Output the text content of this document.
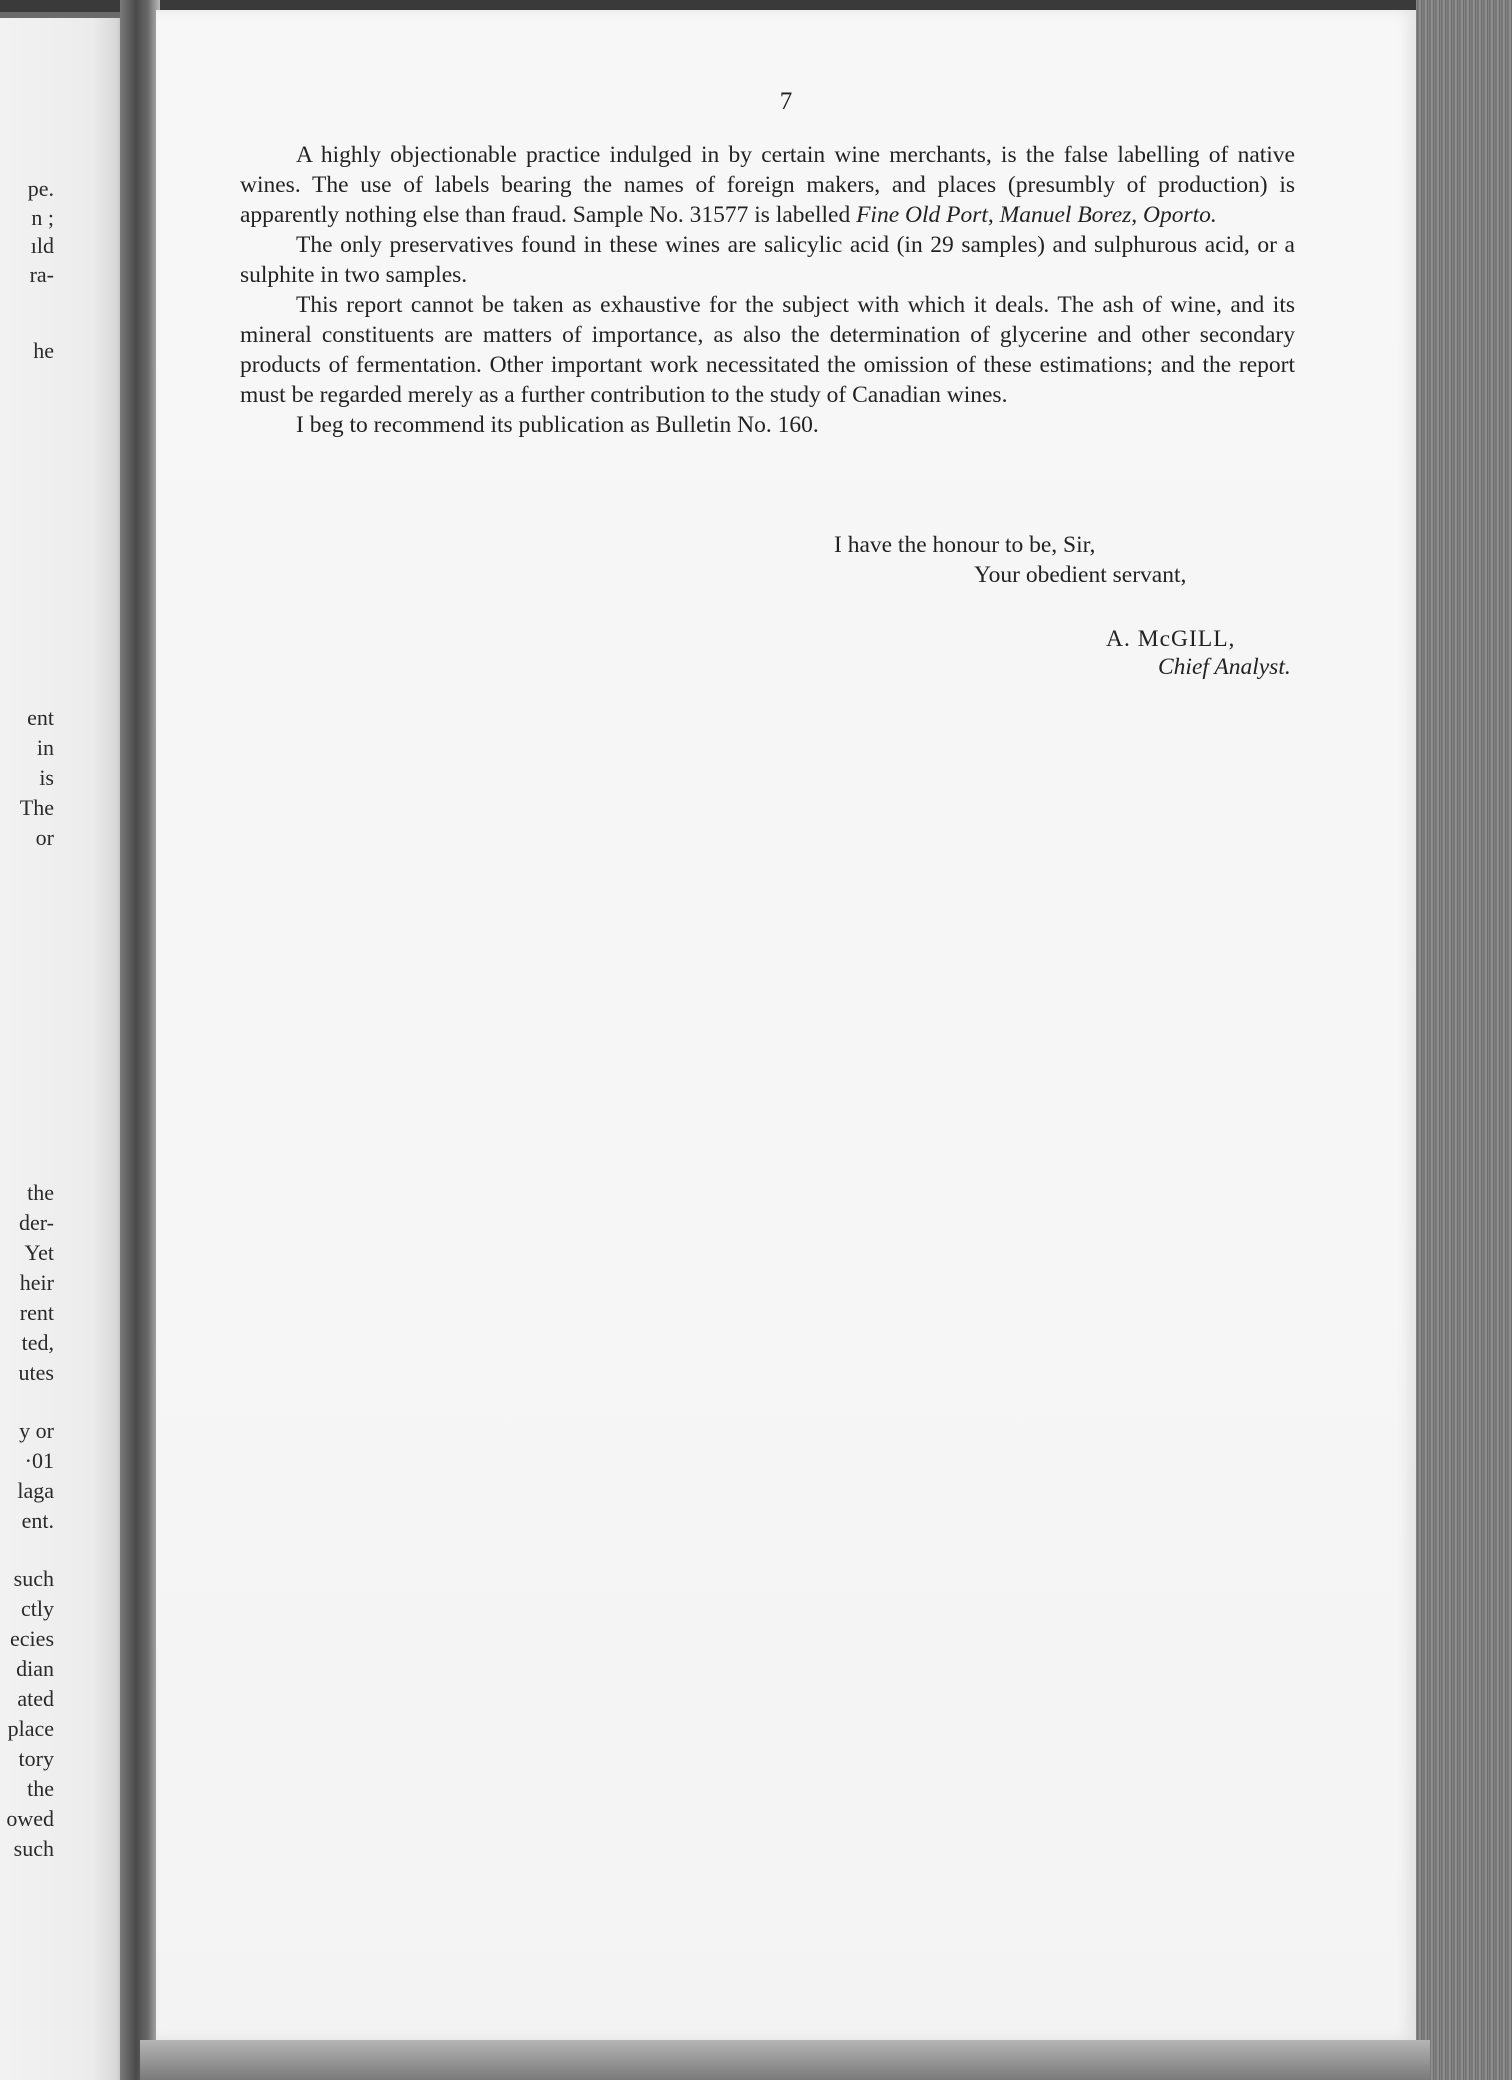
pe.
n ;
ıld
ra-
he
ent
in
is
The
or
the
der-
Yet
heir
rent
ted,
utes
y or
·01
laga
ent.
such
ctly
ecies
dian
ated
place
tory
the
owed
such
7

A highly objectionable practice indulged in by certain wine merchants, is the false labelling of native wines. The use of labels bearing the names of foreign makers, and places (presumbly of production) is apparently nothing else than fraud. Sample No. 31577 is labelled Fine Old Port, Manuel Borez, Oporto.

The only preservatives found in these wines are salicylic acid (in 29 samples) and sulphurous acid, or a sulphite in two samples.

This report cannot be taken as exhaustive for the subject with which it deals. The ash of wine, and its mineral constituents are matters of importance, as also the determination of glycerine and other secondary products of fermentation. Other important work necessitated the omission of these estimations; and the report must be regarded merely as a further contribution to the study of Canadian wines.

I beg to recommend its publication as Bulletin No. 160.

I have the honour to be, Sir,
Your obedient servant,
A. McGILL,
Chief Analyst.
